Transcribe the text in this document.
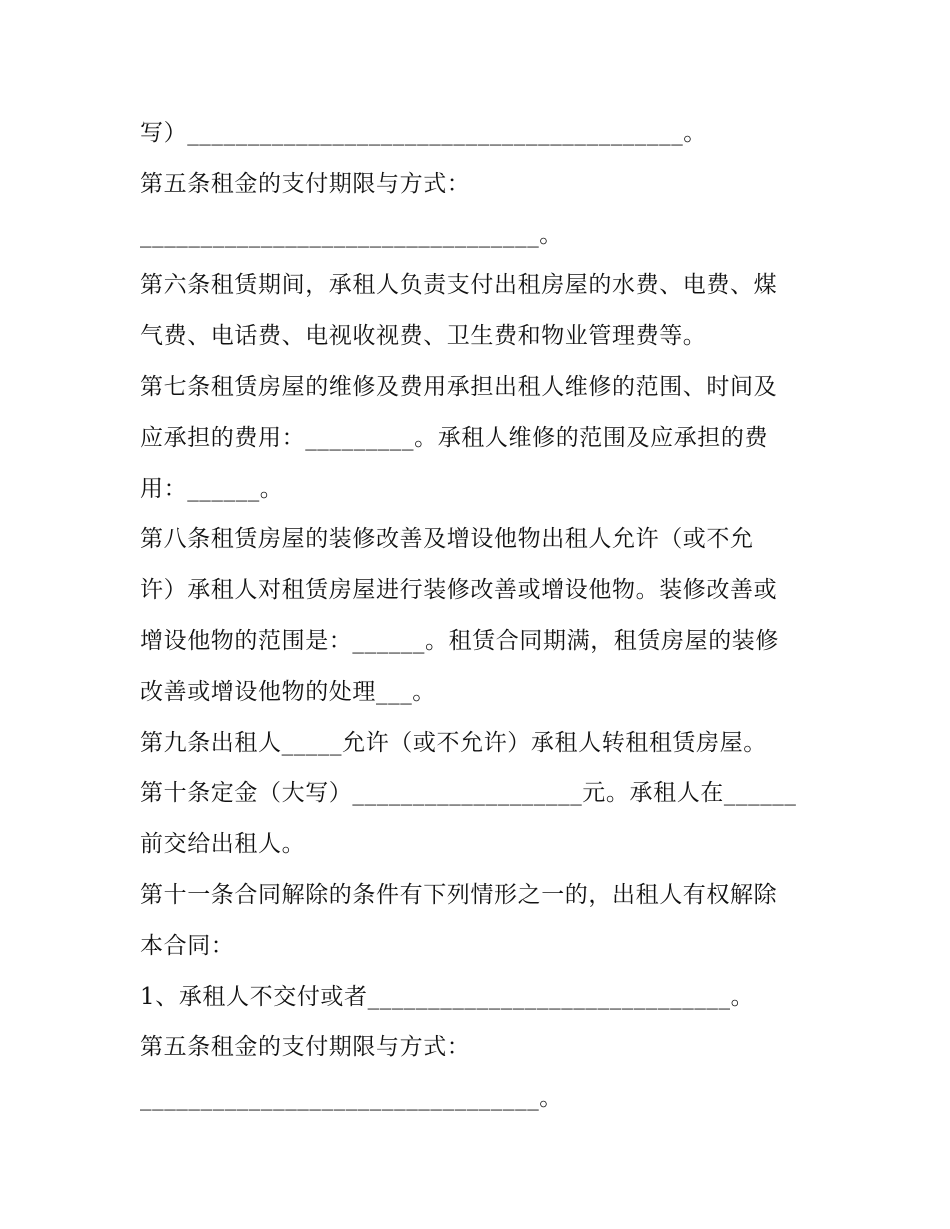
写）_________________________________________。
第五条租金的支付期限与方式：
_________________________________。
第六条租赁期间，承租人负责支付出租房屋的水费、电费、煤
气费、电话费、电视收视费、卫生费和物业管理费等。
第七条租赁房屋的维修及费用承担出租人维修的范围、时间及
应承担的费用：_________。承租人维修的范围及应承担的费
用：______。
第八条租赁房屋的装修改善及增设他物出租人允许（或不允
许）承租人对租赁房屋进行装修改善或增设他物。装修改善或
增设他物的范围是：______。租赁合同期满，租赁房屋的装修
改善或增设他物的处理___。
第九条出租人_____允许（或不允许）承租人转租租赁房屋。
第十条定金（大写）___________________元。承租人在______
前交给出租人。
第十一条合同解除的条件有下列情形之一的，出租人有权解除
本合同：
1、承租人不交付或者______________________________。
第五条租金的支付期限与方式：
_________________________________。
